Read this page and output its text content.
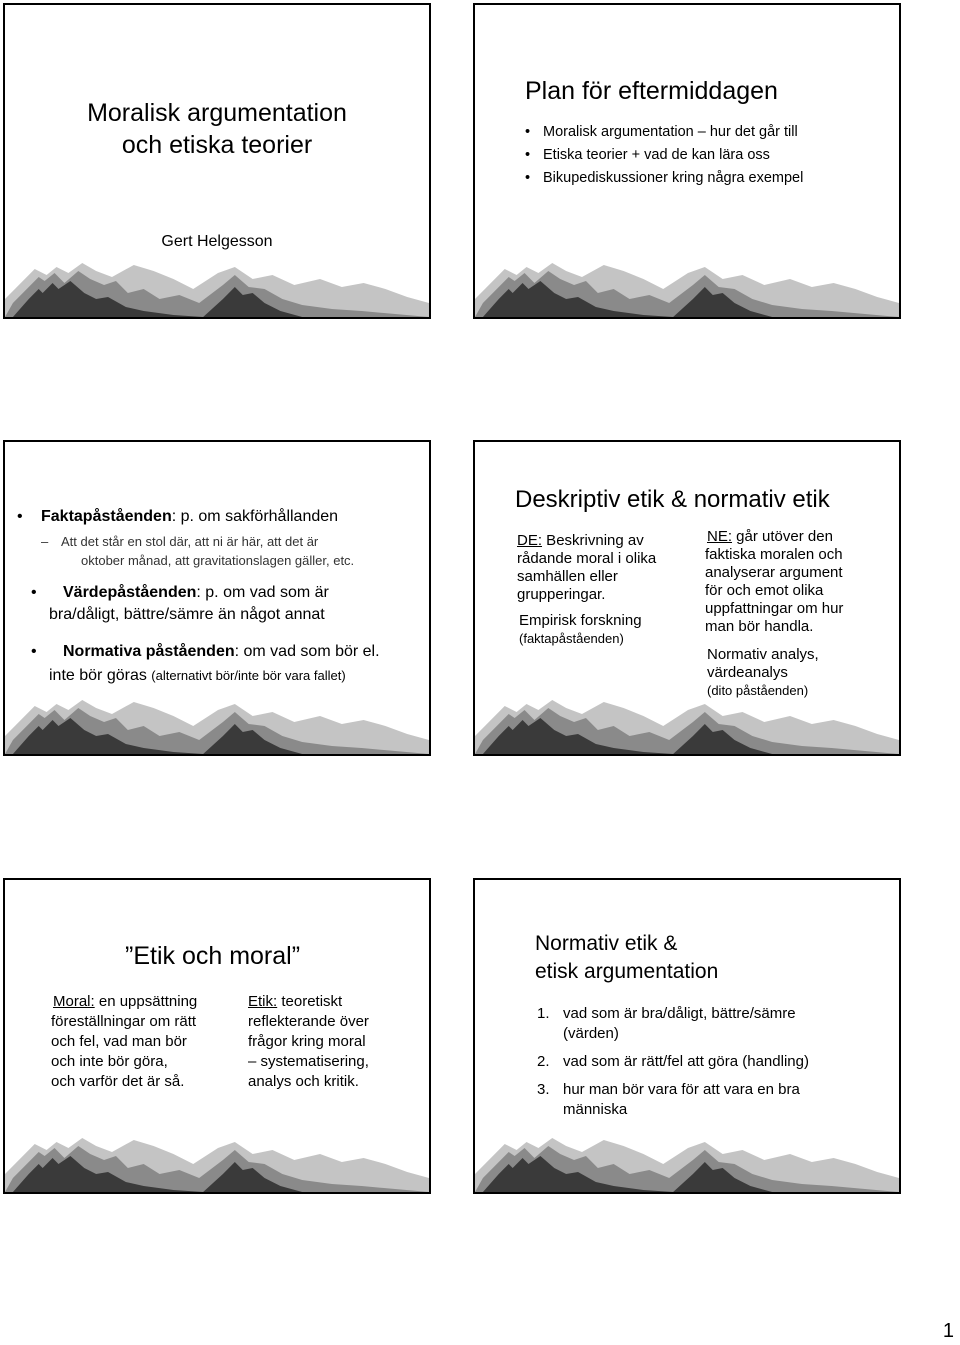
Moralisk argumentation
och etiska teorier
Gert Helgesson
Plan för eftermiddagen
• Moralisk argumentation – hur det går till
• Etiska teorier + vad de kan lära oss
• Bikupediskussioner kring några exempel
• Faktapåståenden: p. om sakförhållanden
– Att det står en stol där, att ni är här, att det är
oktober månad, att gravitationslagen gäller, etc.
• Värdepåståenden: p. om vad som är
bra/dåligt, bättre/sämre än något annat
• Normativa påståenden: om vad som bör el.
inte bör göras (alternativt bör/inte bör vara fallet)
Deskriptiv etik & normativ etik
DE: Beskrivning av
rådande moral i olika
samhällen eller
grupperingar.
Empirisk forskning
(faktapåståenden)
NE: går utöver den
faktiska moralen och
analyserar argument
för och emot olika
uppfattningar om hur
man bör handla.
Normativ analys,
värdeanalys
(dito påståenden)
”Etik och moral”
Moral: en uppsättning
föreställningar om rätt
och fel, vad man bör
och inte bör göra,
och varför det är så.
Etik: teoretiskt
reflekterande över
frågor kring moral
– systematisering,
analys och kritik.
Normativ etik &
etisk argumentation
1. vad som är bra/dåligt, bättre/sämre
(värden)
2. vad som är rätt/fel att göra (handling)
3. hur man bör vara för att vara en bra
människa
1
